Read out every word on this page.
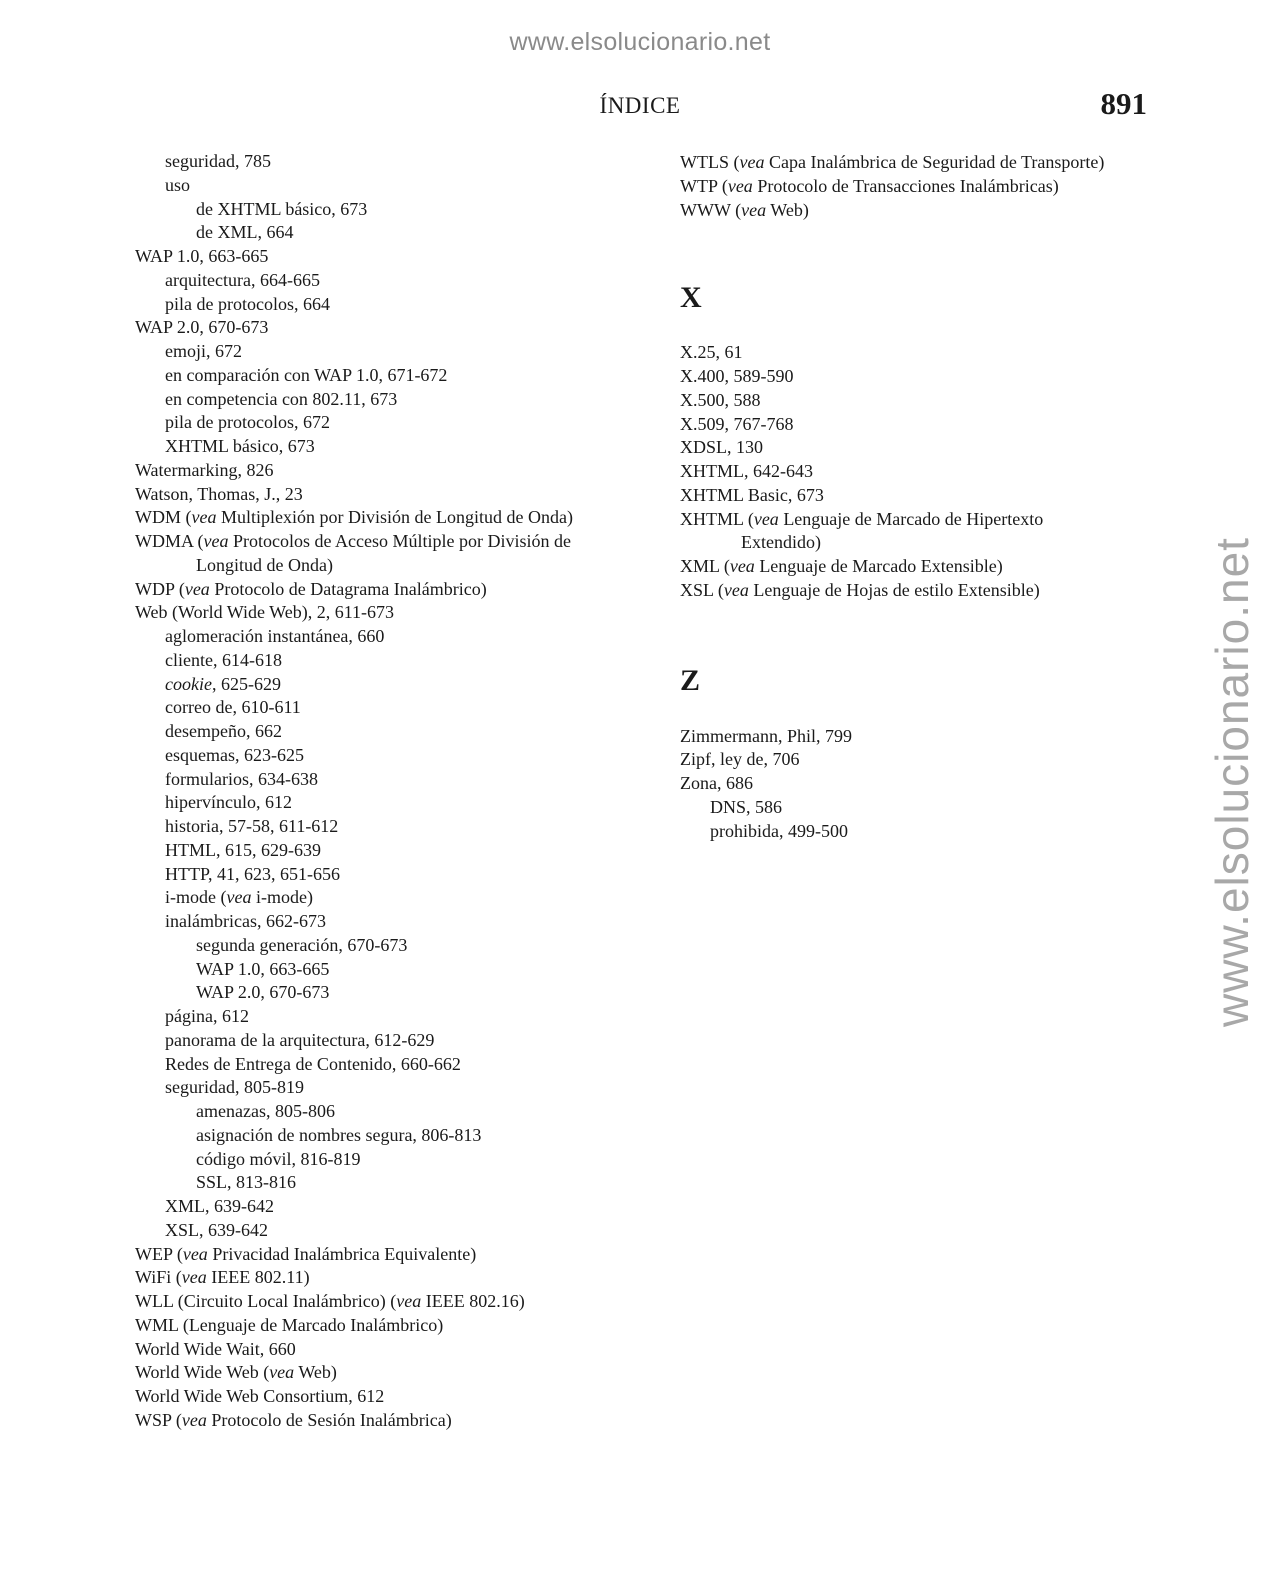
www.elsolucionario.net
www.elsolucionario.net
ÍNDICE	891
seguridad, 785
uso
de XHTML básico, 673
de XML, 664
WAP 1.0, 663-665
arquitectura, 664-665
pila de protocolos, 664
WAP 2.0, 670-673
emoji, 672
en comparación con WAP 1.0, 671-672
en competencia con 802.11, 673
pila de protocolos, 672
XHTML básico, 673
Watermarking, 826
Watson, Thomas, J., 23
WDM (vea Multiplexión por División de Longitud de Onda)
WDMA (vea Protocolos de Acceso Múltiple por División de
Longitud de Onda)
WDP (vea Protocolo de Datagrama Inalámbrico)
Web (World Wide Web), 2, 611-673
aglomeración instantánea, 660
cliente, 614-618
cookie, 625-629
correo de, 610-611
desempeño, 662
esquemas, 623-625
formularios, 634-638
hipervínculo, 612
historia, 57-58, 611-612
HTML, 615, 629-639
HTTP, 41, 623, 651-656
i-mode (vea i-mode)
inalámbricas, 662-673
segunda generación, 670-673
WAP 1.0, 663-665
WAP 2.0, 670-673
página, 612
panorama de la arquitectura, 612-629
Redes de Entrega de Contenido, 660-662
seguridad, 805-819
amenazas, 805-806
asignación de nombres segura, 806-813
código móvil, 816-819
SSL, 813-816
XML, 639-642
XSL, 639-642
WEP (vea Privacidad Inalámbrica Equivalente)
WiFi (vea IEEE 802.11)
WLL (Circuito Local Inalámbrico) (vea IEEE 802.16)
WML (Lenguaje de Marcado Inalámbrico)
World Wide Wait, 660
World Wide Web (vea Web)
World Wide Web Consortium, 612
WSP (vea Protocolo de Sesión Inalámbrica)
WTLS (vea Capa Inalámbrica de Seguridad de Transporte)
WTP (vea Protocolo de Transacciones Inalámbricas)
WWW (vea Web)
X
X.25, 61
X.400, 589-590
X.500, 588
X.509, 767-768
XDSL, 130
XHTML, 642-643
XHTML Basic, 673
XHTML (vea Lenguaje de Marcado de Hipertexto
Extendido)
XML (vea Lenguaje de Marcado Extensible)
XSL (vea Lenguaje de Hojas de estilo Extensible)
Z
Zimmermann, Phil, 799
Zipf, ley de, 706
Zona, 686
DNS, 586
prohibida, 499-500
